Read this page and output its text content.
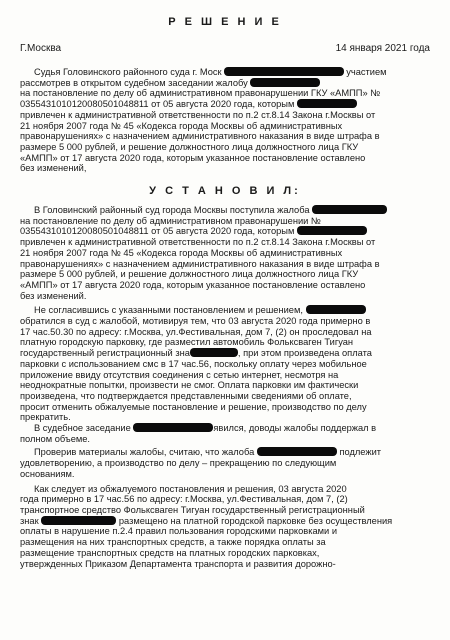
Р Е Ш Е Н И Е
Г.Москва	14 января 2021 года
Судья Головинского районного суда г. Моск	участием
рассмотрев в открытом судебном заседании жалобу
на постановление по делу об административном правонарушении ГКУ «АМПП» №
0355431010120080501048811 от 05 августа 2020 года, которым
привлечен к административной ответственности по п.2 ст.8.14 Закона г.Москвы от
21 ноября 2007 года № 45 «Кодекса города Москвы об административных
правонарушениях» с назначением административного наказания в виде штрафа в
размере 5 000 рублей, и решение должностного лица должностного лица ГКУ
«АМПП» от 17 августа 2020 года, которым указанное постановление оставлено
без изменений,
У С Т А Н О В И Л:
В Головинский районный суд города Москвы поступила жалоба
на постановление по делу об административном правонарушении №
0355431010120080501048811 от 05 августа 2020 года, которым
привлечен к административной ответственности по п.2 ст.8.14 Закона г.Москвы от
21 ноября 2007 года № 45 «Кодекса города Москвы об административных
правонарушениях» с назначением административного наказания в виде штрафа в
размере 5 000 рублей, и решение должностного лица должностного лица ГКУ
«АМПП» от 17 августа 2020 года, которым указанное постановление оставлено
без изменений.
Не согласившись с указанными постановлением и решением,
обратился в суд с жалобой, мотивируя тем, что 03 августа 2020 года примерно в
17 час.50.30 по адресу: г.Москва, ул.Фестивальная, дом 7, (2) он проследовал на
платную городскую парковку, где разместил автомобиль Фольксваген Тигуан
государственный регистрационный зна	, при этом произведена оплата
парковки с использованием смс в 17 час.56, поскольку оплату через мобильное
приложение ввиду отсутствия соединения с сетью интернет, несмотря на
неоднократные попытки, произвести не смог. Оплата парковки им фактически
произведена, что подтверждается представленными сведениями об оплате,
просит отменить обжалуемые постановление и решение, производство по делу
прекратить.
В судебное заседание	явился, доводы жалобы поддержал в
полном объеме.
Проверив материалы жалобы, считаю, что жалоба	подлежит
удовлетворению, а производство по делу – прекращению по следующим
основаниям.
Как следует из обжалуемого постановления и решения, 03 августа 2020
года примерно в 17 час.56 по адресу: г.Москва, ул.Фестивальная, дом 7, (2)
транспортное средство Фольксваген Тигуан государственный регистрационный
знак	размещено на платной городской парковке без осуществления
оплаты в нарушение п.2.4 правил пользования городскими парковками и
размещения на них транспортных средств, а также порядка оплаты за
размещение транспортных средств на платных городских парковках,
утвержденных Приказом Департамента транспорта и развития дорожно-
